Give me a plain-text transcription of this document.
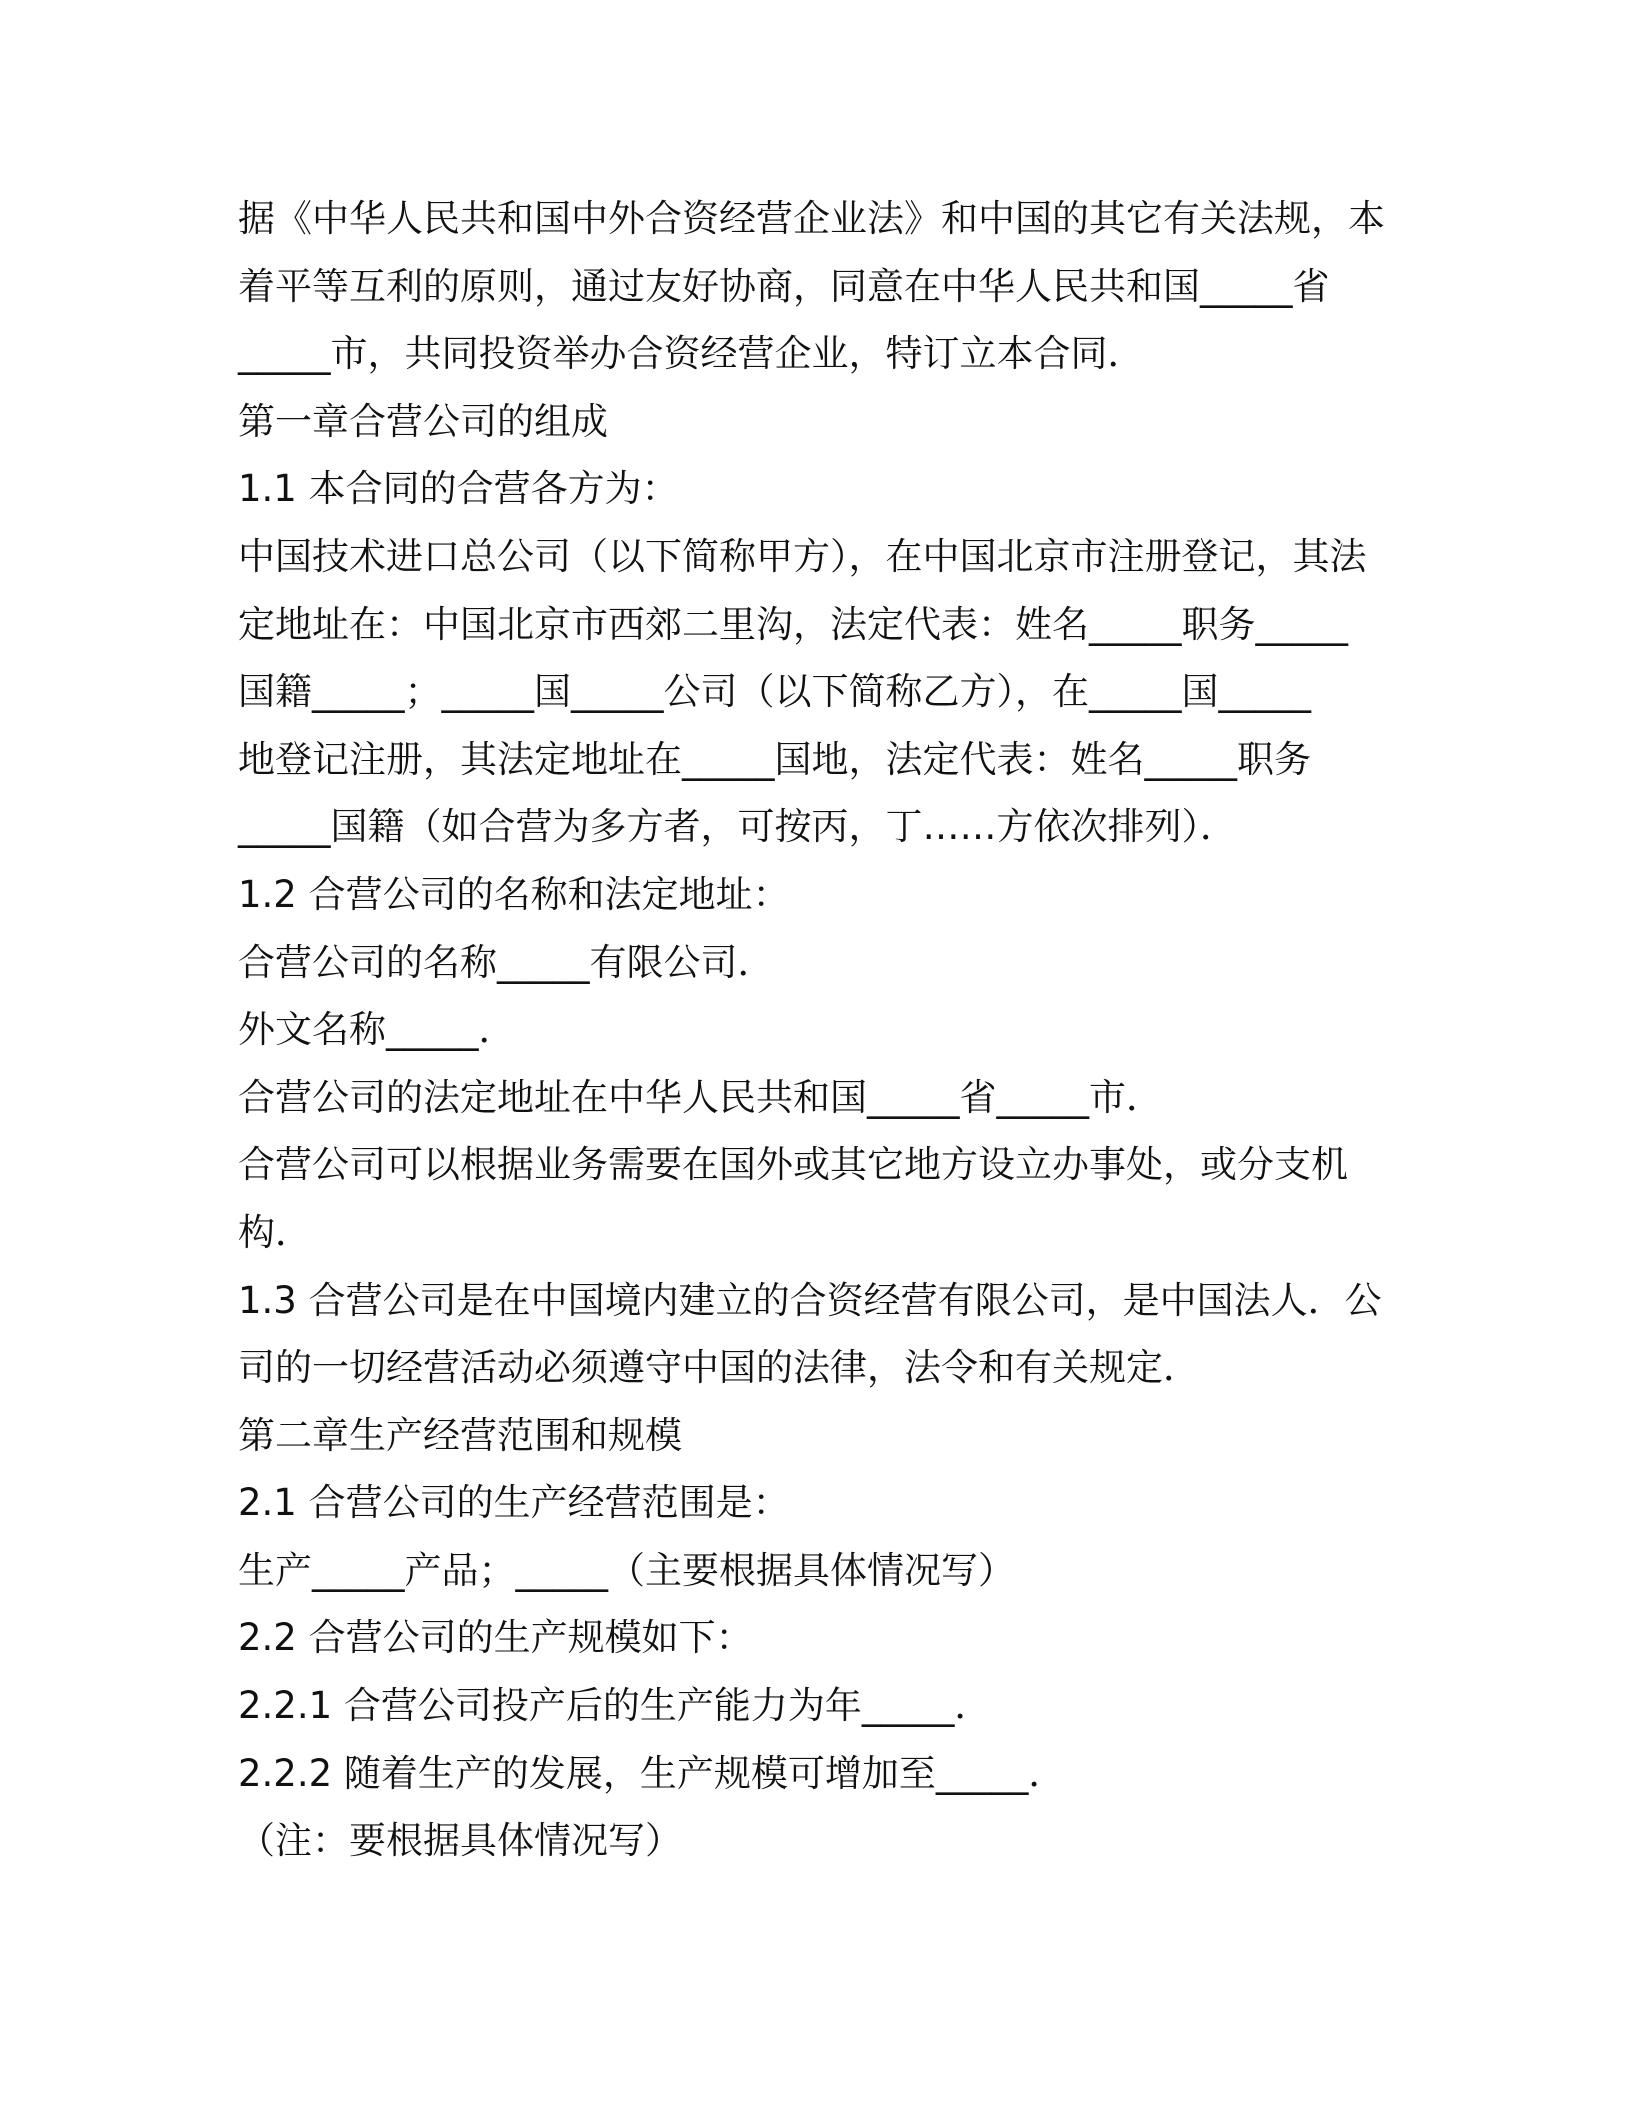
据《中华人民共和国中外合资经营企业法》和中国的其它有关法规，本
着平等互利的原则，通过友好协商，同意在中华人民共和国_____省
_____市，共同投资举办合资经营企业，特订立本合同．
第一章合营公司的组成
1.1 本合同的合营各方为：
中国技术进口总公司（以下简称甲方），在中国北京市注册登记，其法
定地址在：中国北京市西郊二里沟，法定代表：姓名_____职务_____
国籍_____；_____国_____公司（以下简称乙方），在_____国_____
地登记注册，其法定地址在_____国地，法定代表：姓名_____职务
_____国籍（如合营为多方者，可按丙，丁……方依次排列）．
1.2 合营公司的名称和法定地址：
合营公司的名称_____有限公司．
外文名称_____．
合营公司的法定地址在中华人民共和国_____省_____市．
合营公司可以根据业务需要在国外或其它地方设立办事处，或分支机
构．
1.3 合营公司是在中国境内建立的合资经营有限公司，是中国法人．公
司的一切经营活动必须遵守中国的法律，法令和有关规定．
第二章生产经营范围和规模
2.1 合营公司的生产经营范围是：
生产_____产品；_____（主要根据具体情况写）
2.2 合营公司的生产规模如下：
2.2.1 合营公司投产后的生产能力为年_____．
2.2.2 随着生产的发展，生产规模可增加至_____．
（注：要根据具体情况写）
